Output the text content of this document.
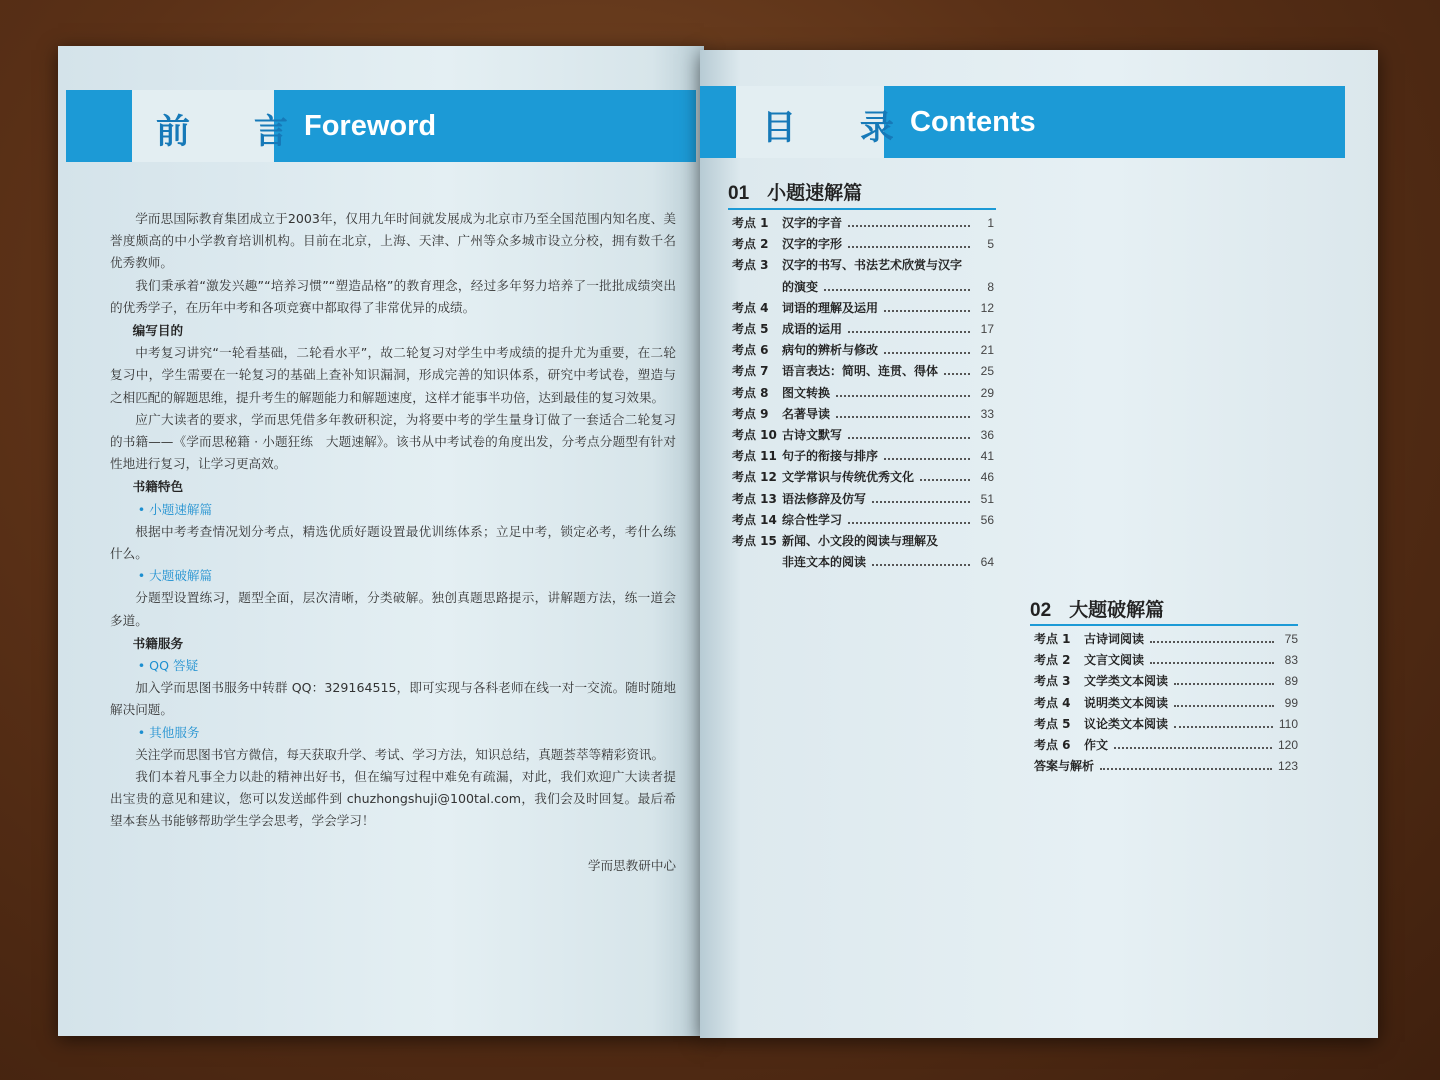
前 言
Foreword

学而思国际教育集团成立于2003年，仅用九年时间就发展成为北京市乃至全国范围内知名度、美誉度颇高的中小学教育培训机构。目前在北京，上海、天津、广州等众多城市设立分校，拥有数千名优秀教师。

我们秉承着“激发兴趣”“培养习惯”“塑造品格”的教育理念，经过多年努力培养了一批批成绩突出的优秀学子，在历年中考和各项竞赛中都取得了非常优异的成绩。

编写目的

中考复习讲究“一轮看基础，二轮看水平”，故二轮复习对学生中考成绩的提升尤为重要，在二轮复习中，学生需要在一轮复习的基础上查补知识漏洞，形成完善的知识体系，研究中考试卷，塑造与之相匹配的解题思维，提升考生的解题能力和解题速度，这样才能事半功倍，达到最佳的复习效果。

应广大读者的要求，学而思凭借多年教研积淀，为将要中考的学生量身订做了一套适合二轮复习的书籍——《学而思秘籍 · 小题狂练　大题速解》。该书从中考试卷的角度出发，分考点分题型有针对性地进行复习，让学习更高效。

书籍特色

• 小题速解篇

根据中考考查情况划分考点，精选优质好题设置最优训练体系；立足中考，锁定必考，考什么练什么。

• 大题破解篇

分题型设置练习，题型全面，层次清晰，分类破解。独创真题思路提示，讲解题方法，练一道会多道。

书籍服务

• QQ 答疑

加入学而思图书服务中转群 QQ：329164515，即可实现与各科老师在线一对一交流。随时随地解决问题。

• 其他服务

关注学而思图书官方微信，每天获取升学、考试、学习方法，知识总结，真题荟萃等精彩资讯。

我们本着凡事全力以赴的精神出好书，但在编写过程中难免有疏漏，对此，我们欢迎广大读者提出宝贵的意见和建议，您可以发送邮件到 chuzhongshuji@100tal.com，我们会及时回复。最后希望本套丛书能够帮助学生学会思考，学会学习！

学而思教研中心

目 录
Contents
01 小题速解篇
考点 1	汉字的字音	1
考点 2	汉字的字形	5
考点 3	汉字的书写、书法艺术欣赏与汉字
的演变	8
考点 4	词语的理解及运用	12
考点 5	成语的运用	17
考点 6	病句的辨析与修改	21
考点 7	语言表达：简明、连贯、得体	25
考点 8	图文转换	29
考点 9	名著导读	33
考点 10 古诗文默写	36
考点 11 句子的衔接与排序	41
考点 12 文学常识与传统优秀文化	46
考点 13 语法修辞及仿写	51
考点 14 综合性学习	56
考点 15 新闻、小文段的阅读与理解及
非连文本的阅读	64
02 大题破解篇
考点 1	古诗词阅读	75
考点 2	文言文阅读	83
考点 3	文学类文本阅读	89
考点 4	说明类文本阅读	99
考点 5	议论类文本阅读	110
考点 6	作文	120
答案与解析	123
